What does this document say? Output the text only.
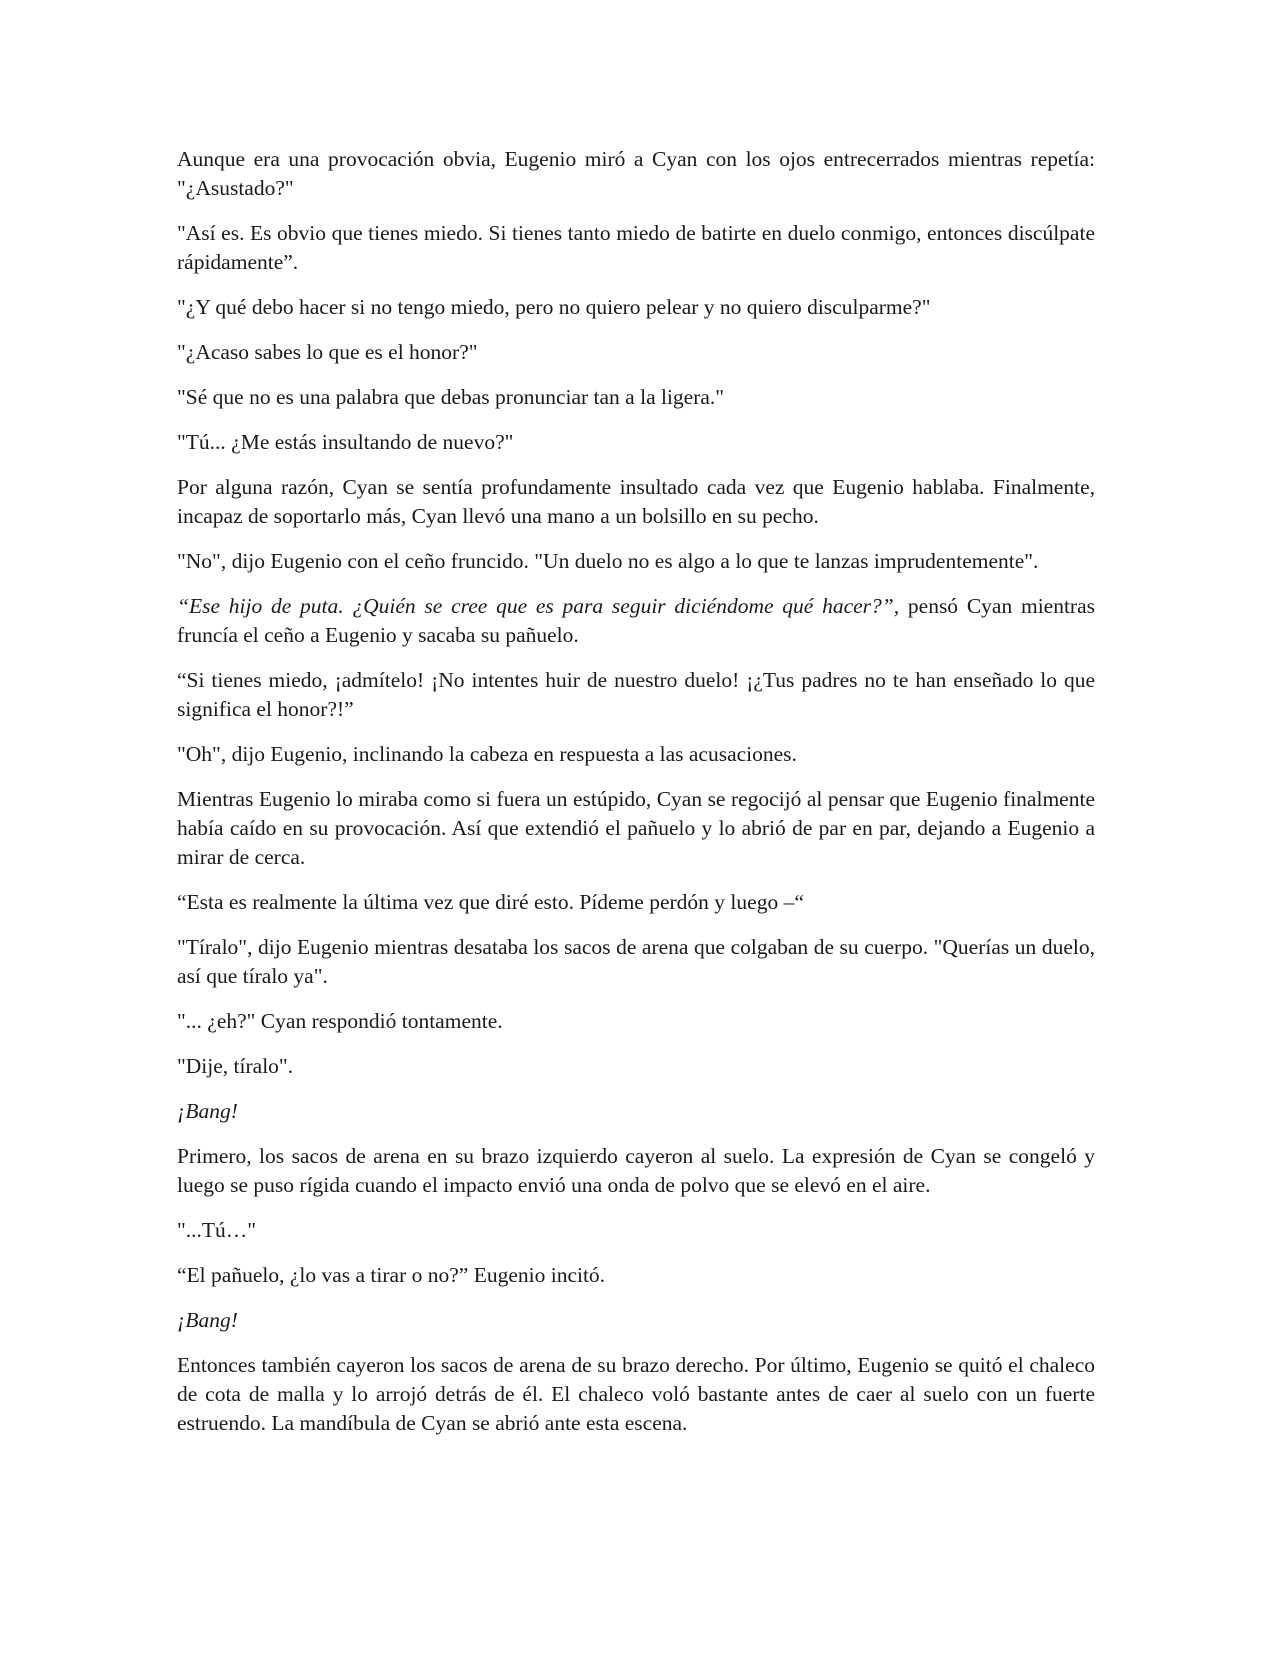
Aunque era una provocación obvia, Eugenio miró a Cyan con los ojos entrecerrados mientras repetía: "¿Asustado?"

"Así es. Es obvio que tienes miedo. Si tienes tanto miedo de batirte en duelo conmigo, entonces discúlpate rápidamente”.

"¿Y qué debo hacer si no tengo miedo, pero no quiero pelear y no quiero disculparme?"

"¿Acaso sabes lo que es el honor?"

"Sé que no es una palabra que debas pronunciar tan a la ligera."

"Tú... ¿Me estás insultando de nuevo?"

Por alguna razón, Cyan se sentía profundamente insultado cada vez que Eugenio hablaba. Finalmente, incapaz de soportarlo más, Cyan llevó una mano a un bolsillo en su pecho.

"No", dijo Eugenio con el ceño fruncido. "Un duelo no es algo a lo que te lanzas imprudentemente".

“Ese hijo de puta. ¿Quién se cree que es para seguir diciéndome qué hacer?”, pensó Cyan mientras fruncía el ceño a Eugenio y sacaba su pañuelo.

“Si tienes miedo, ¡admítelo! ¡No intentes huir de nuestro duelo! ¡¿Tus padres no te han enseñado lo que significa el honor?!”

"Oh", dijo Eugenio, inclinando la cabeza en respuesta a las acusaciones.

Mientras Eugenio lo miraba como si fuera un estúpido, Cyan se regocijó al pensar que Eugenio finalmente había caído en su provocación. Así que extendió el pañuelo y lo abrió de par en par, dejando a Eugenio a mirar de cerca.

“Esta es realmente la última vez que diré esto. Pídeme perdón y luego –“

"Tíralo", dijo Eugenio mientras desataba los sacos de arena que colgaban de su cuerpo. "Querías un duelo, así que tíralo ya".

"... ¿eh?" Cyan respondió tontamente.

"Dije, tíralo".

¡Bang!

Primero, los sacos de arena en su brazo izquierdo cayeron al suelo. La expresión de Cyan se congeló y luego se puso rígida cuando el impacto envió una onda de polvo que se elevó en el aire.

"...Tú…"

“El pañuelo, ¿lo vas a tirar o no?” Eugenio incitó.

¡Bang!

Entonces también cayeron los sacos de arena de su brazo derecho. Por último, Eugenio se quitó el chaleco de cota de malla y lo arrojó detrás de él. El chaleco voló bastante antes de caer al suelo con un fuerte estruendo. La mandíbula de Cyan se abrió ante esta escena.
